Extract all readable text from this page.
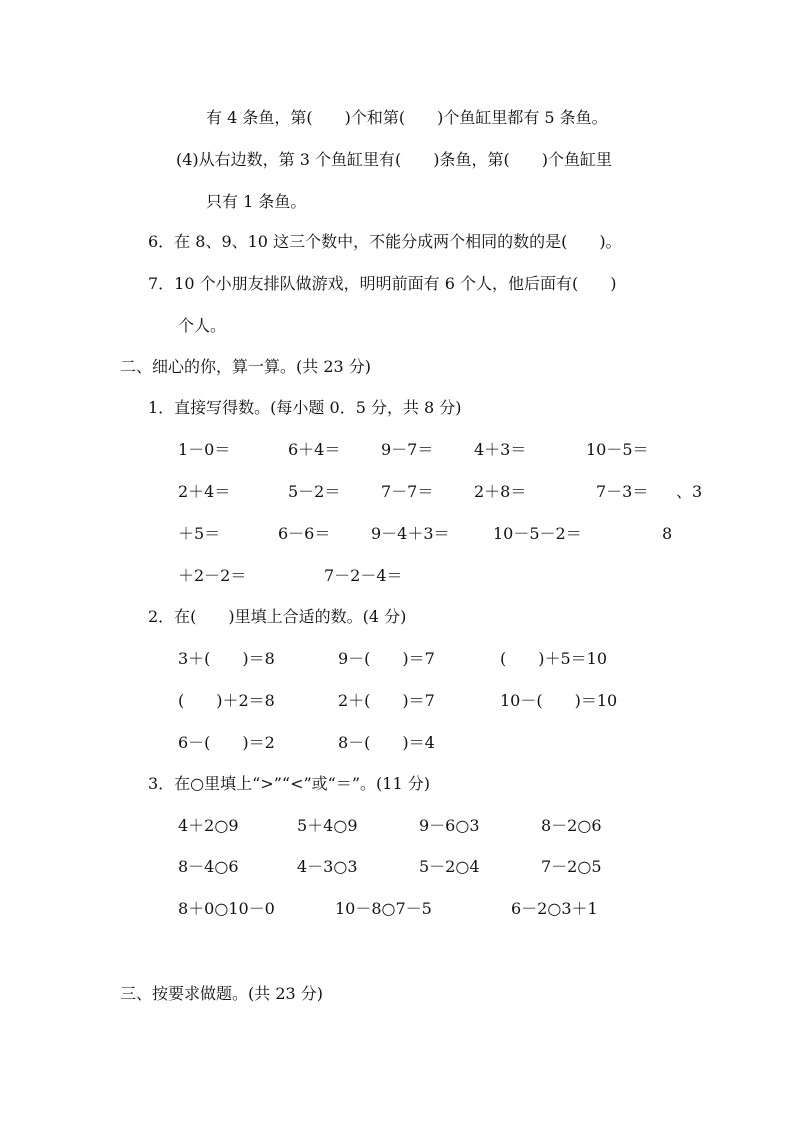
有 4 条鱼，第(　　)个和第(　　)个鱼缸里都有 5 条鱼。
(4)从右边数，第 3 个鱼缸里有(　　)条鱼，第(　　)个鱼缸里
只有 1 条鱼。
6．在 8、9、10 这三个数中，不能分成两个相同的数的是(　　)。
7．10 个小朋友排队做游戏，明明前面有 6 个人，他后面有(　　)
个人。
二、细心的你，算一算。(共 23 分)
1．直接写得数。(每小题 0．5 分，共 8 分)
1－0＝	6＋4＝	9－7＝	4＋3＝	10－5＝
2＋4＝	5－2＝	7－7＝	2＋8＝	7－3＝ 、3
＋5＝	6－6＝	9－4＋3＝	10－5－2＝	8
＋2－2＝	7－2－4＝
2．在(　　)里填上合适的数。(4 分)
3＋(　　)＝8	9－(　　)＝7	(　　)＋5＝10
(　　)＋2＝8	2＋(　　)＝7	10－(　　)＝10
6－(　　)＝2	8－(　　)＝4
3．在○里填上“>”“<”或“＝”。(11 分)
4＋2○9	5＋4○9	9－6○3	8－2○6
8－4○6	4－3○3	5－2○4	7－2○5
8＋0○10－0	10－8○7－5	6－2○3＋1
三、按要求做题。(共 23 分)
